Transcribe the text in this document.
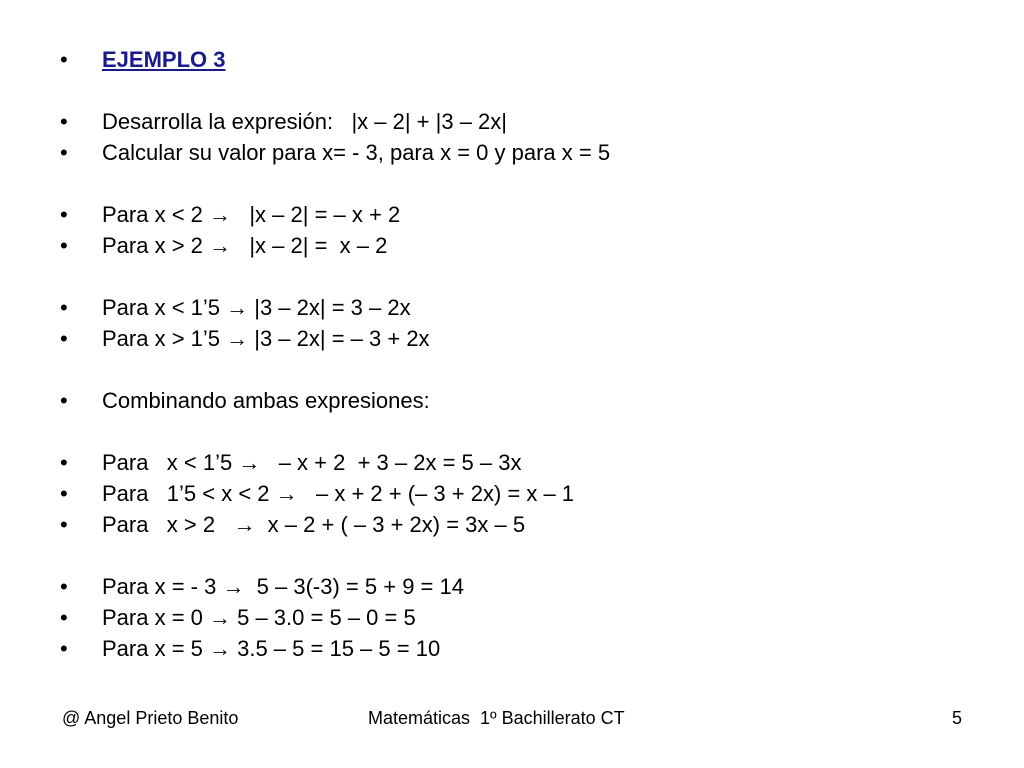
•

	EJEMPLO 3

•

	Desarrolla la expresión:   |x – 2| + |3 – 2x|

•

	Calcular su valor para x= - 3, para x = 0 y para x = 5

•

	Para x < 2 →   |x – 2| = – x + 2

•

	Para x > 2 →   |x – 2| =  x – 2

•

	Para x < 1’5 → |3 – 2x| = 3 – 2x

•

	Para x > 1’5 → |3 – 2x| = – 3 + 2x

•

	Combinando ambas expresiones:

•

	Para   x < 1’5 →   – x + 2  + 3 – 2x = 5 – 3x

•

	Para   1’5 < x < 2 →   – x + 2 + (– 3 + 2x) = x – 1

•

	Para   x > 2   →  x – 2 + ( – 3 + 2x) = 3x – 5

•

	Para x = - 3 →  5 – 3(-3) = 5 + 9 = 14

•

	Para x = 0 → 5 – 3.0 = 5 – 0 = 5

•

	Para x = 5 → 3.5 – 5 = 15 – 5 = 10

@ Angel Prieto Benito	Matemáticas  1º Bachillerato CT	5
